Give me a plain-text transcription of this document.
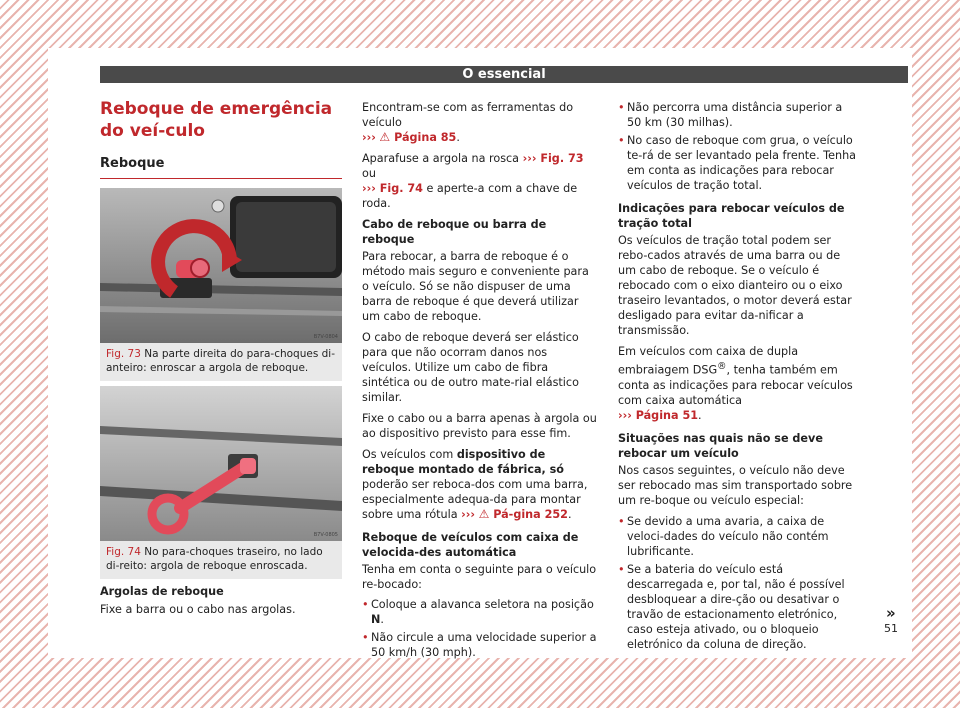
O essencial
Reboque de emergência do veí-culo
Reboque
B7V-0804
Fig. 73 Na parte direita do para-choques di-anteiro: enroscar a argola de reboque.
B7V-0805
Fig. 74 No para-choques traseiro, no lado di-reito: argola de reboque enroscada.

Argolas de reboque

Fixe a barra ou o cabo nas argolas.

Encontram-se com as ferramentas do veículo
››› ⚠ Página 85.

Aparafuse a argola na rosca ››› Fig. 73 ou
››› Fig. 74 e aperte-a com a chave de roda.

Cabo de reboque ou barra de reboque

Para rebocar, a barra de reboque é o método mais seguro e conveniente para o veículo. Só se não dispuser de uma barra de reboque é que deverá utilizar um cabo de reboque.

O cabo de reboque deverá ser elástico para que não ocorram danos nos veículos. Utilize um cabo de fibra sintética ou de outro mate-rial elástico similar.

Fixe o cabo ou a barra apenas à argola ou ao dispositivo previsto para esse fim.

Os veículos com dispositivo de reboque montado de fábrica, só poderão ser reboca-dos com uma barra, especialmente adequa-da para montar sobre uma rótula ››› ⚠ Pá-gina 252.

Reboque de veículos com caixa de velocida-des automática

Tenha em conta o seguinte para o veículo re-bocado:

• Coloque a alavanca seletora na posição N.
• Não circule a uma velocidade superior a 50 km/h (30 mph).
• Não percorra uma distância superior a 50 km (30 milhas).
• No caso de reboque com grua, o veículo te-rá de ser levantado pela frente. Tenha em conta as indicações para rebocar veículos de tração total.

Indicações para rebocar veículos de tração total

Os veículos de tração total podem ser rebo-cados através de uma barra ou de um cabo de reboque. Se o veículo é rebocado com o eixo dianteiro ou o eixo traseiro levantados, o motor deverá estar desligado para evitar da-nificar a transmissão.

Em veículos com caixa de dupla embraiagem DSG®, tenha também em conta as indicações para rebocar veículos com caixa automática
››› Página 51.

Situações nas quais não se deve rebocar um veículo

Nos casos seguintes, o veículo não deve ser rebocado mas sim transportado sobre um re-boque ou veículo especial:

• Se devido a uma avaria, a caixa de veloci-dades do veículo não contém lubrificante.
• Se a bateria do veículo está descarregada e, por tal, não é possível desbloquear a dire-ção ou desativar o travão de estacionamento eletrónico, caso esteja ativado, ou o bloqueio eletrónico da coluna de direção.
»
51
